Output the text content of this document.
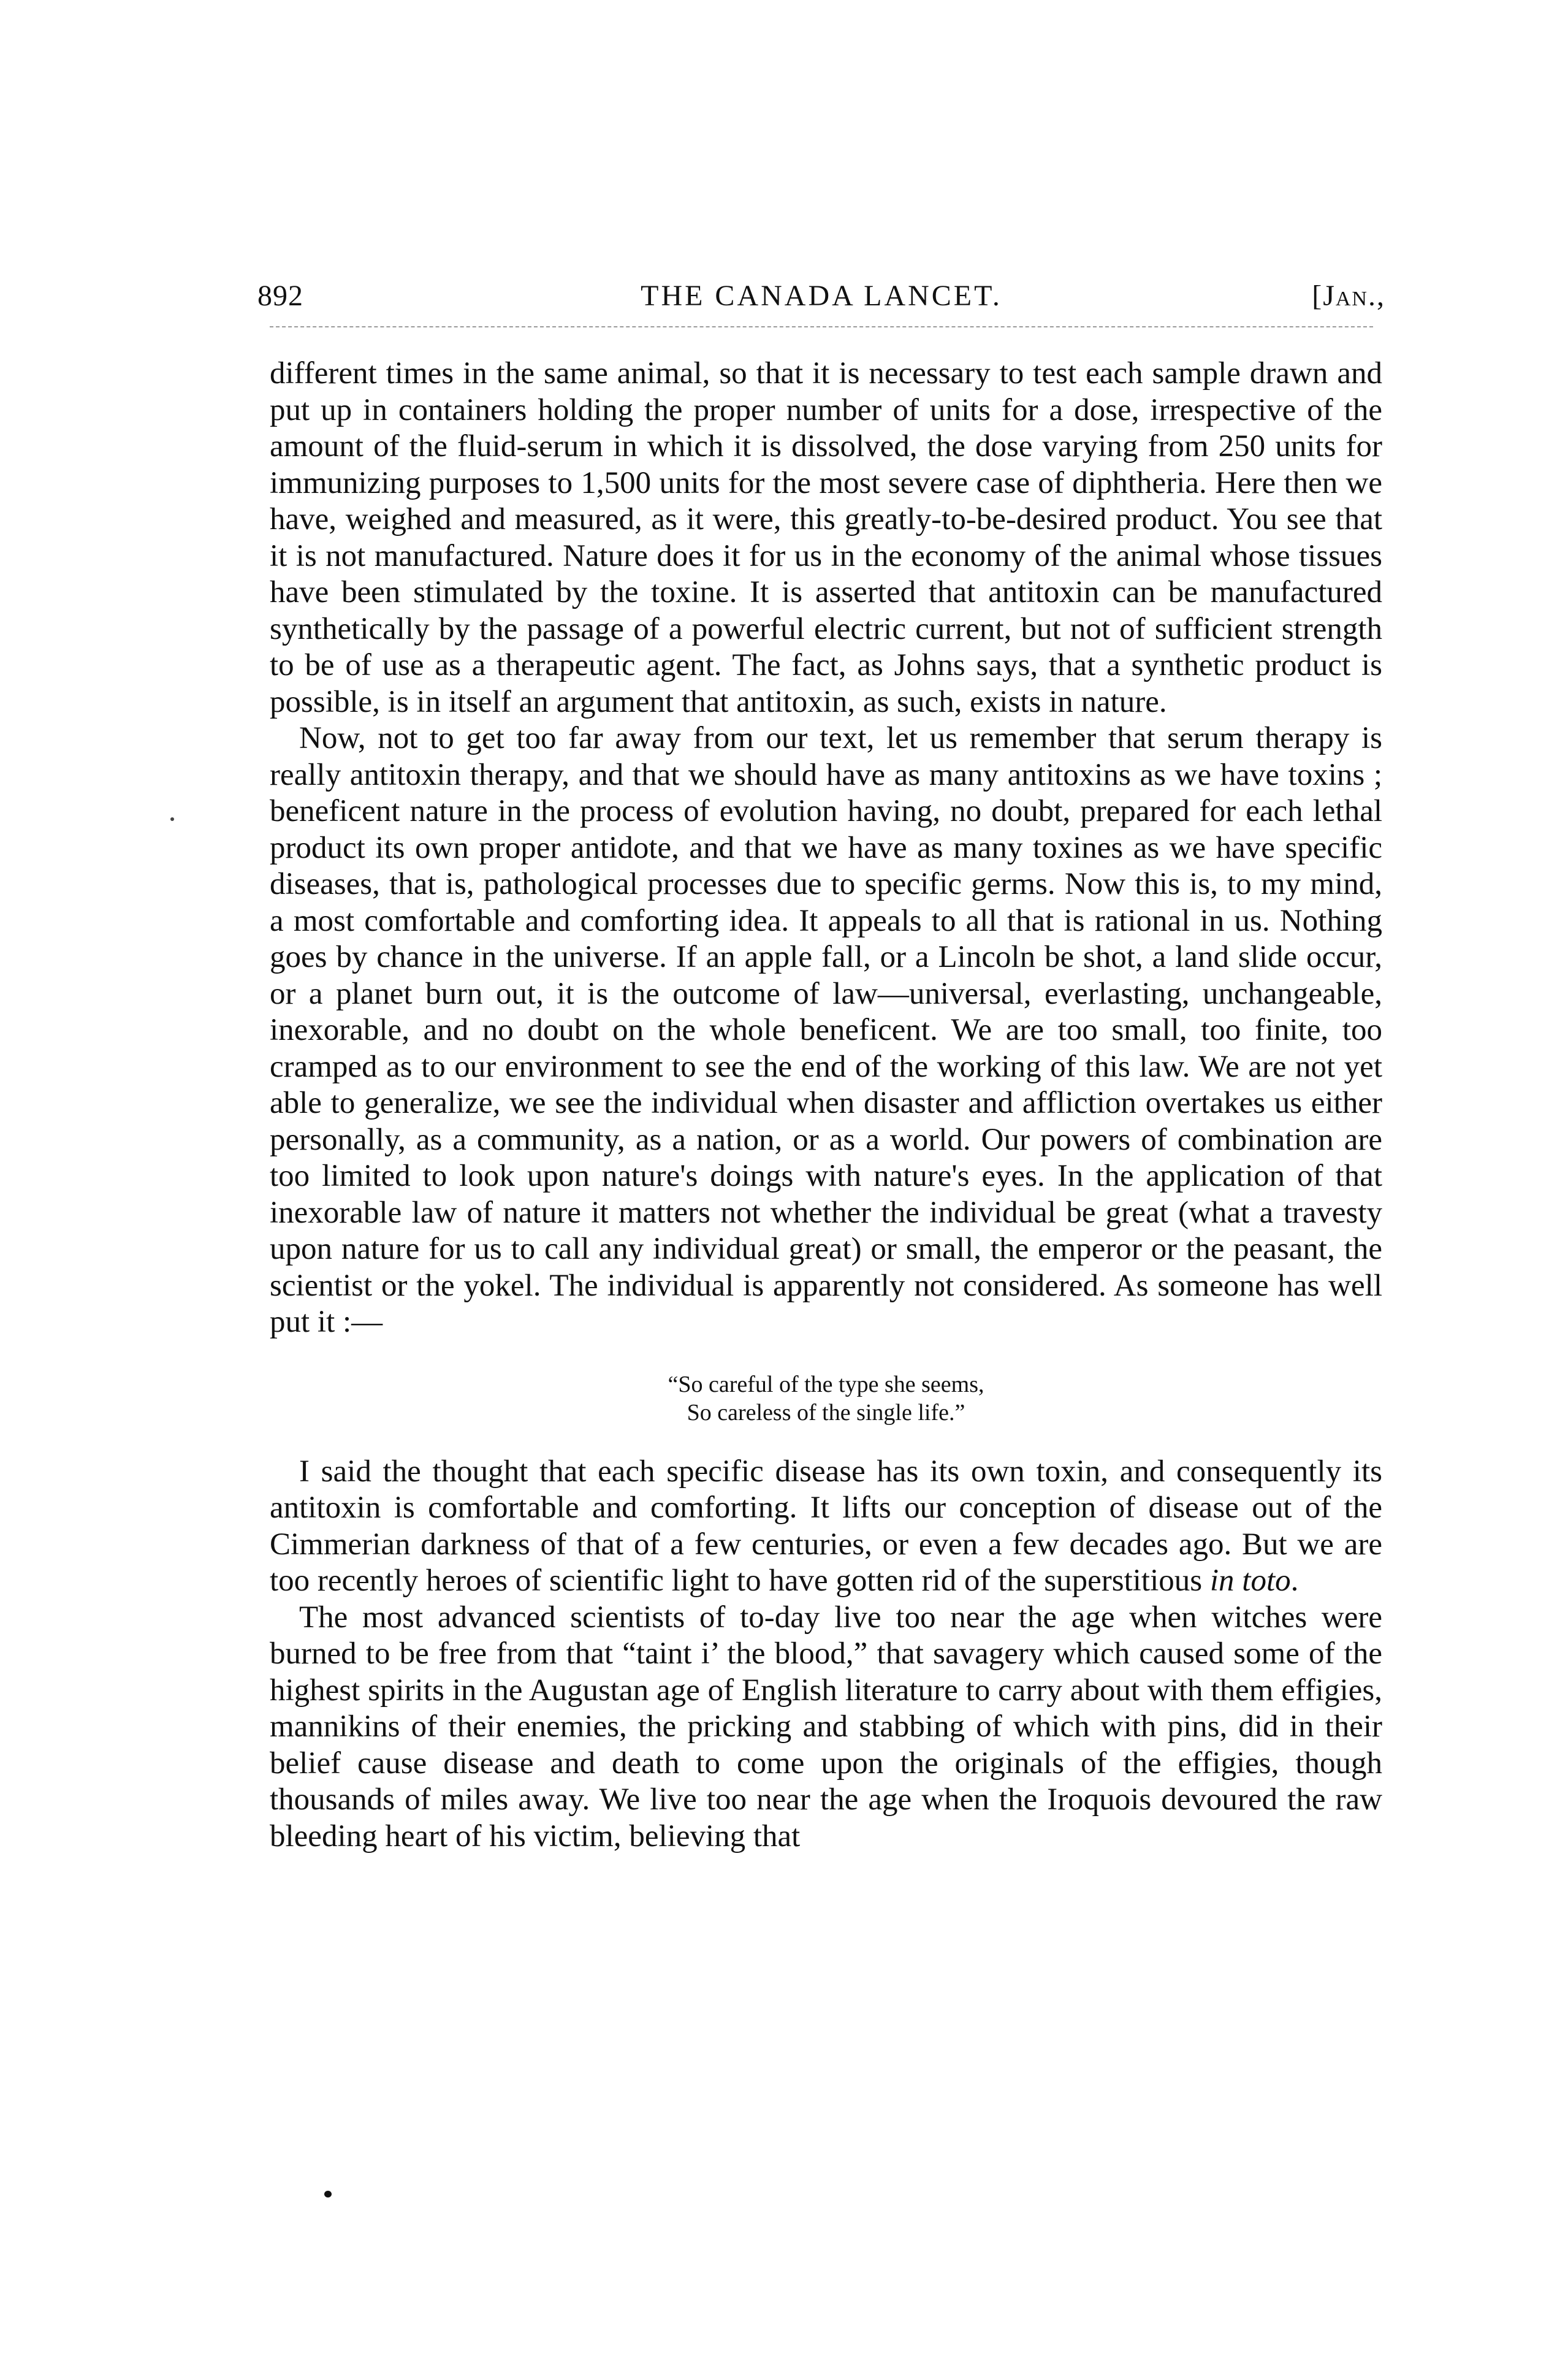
892	THE CANADA LANCET.	[Jan.,

different times in the same animal, so that it is necessary to test each sample drawn and put up in containers holding the proper number of units for a dose, irrespective of the amount of the fluid-serum in which it is dissolved, the dose varying from 250 units for immunizing purposes to 1,500 units for the most severe case of diphtheria. Here then we have, weighed and measured, as it were, this greatly-to-be-desired product. You see that it is not manufactured. Nature does it for us in the economy of the animal whose tissues have been stimulated by the toxine. It is asserted that antitoxin can be manufactured synthetically by the passage of a powerful electric current, but not of sufficient strength to be of use as a therapeutic agent. The fact, as Johns says, that a synthetic product is possible, is in itself an argument that antitoxin, as such, exists in nature.

Now, not to get too far away from our text, let us remember that serum therapy is really antitoxin therapy, and that we should have as many antitoxins as we have toxins ; beneficent nature in the process of evolution having, no doubt, prepared for each lethal product its own proper antidote, and that we have as many toxines as we have specific diseases, that is, pathological processes due to specific germs. Now this is, to my mind, a most comfortable and comforting idea. It appeals to all that is rational in us. Nothing goes by chance in the universe. If an apple fall, or a Lincoln be shot, a land slide occur, or a planet burn out, it is the outcome of law—universal, everlasting, unchangeable, inexorable, and no doubt on the whole beneficent. We are too small, too finite, too cramped as to our environment to see the end of the working of this law. We are not yet able to generalize, we see the individual when disaster and affliction overtakes us either personally, as a community, as a nation, or as a world. Our powers of combination are too limited to look upon nature's doings with nature's eyes. In the application of that inexorable law of nature it matters not whether the individual be great (what a travesty upon nature for us to call any individual great) or small, the emperor or the peasant, the scientist or the yokel. The individual is apparently not considered. As someone has well put it :—

“So careful of the type she seems,

So careless of the single life.”

I said the thought that each specific disease has its own toxin, and consequently its antitoxin is comfortable and comforting. It lifts our conception of disease out of the Cimmerian darkness of that of a few centuries, or even a few decades ago. But we are too recently heroes of scientific light to have gotten rid of the superstitious in toto.

The most advanced scientists of to-day live too near the age when witches were burned to be free from that “taint i’ the blood,” that savagery which caused some of the highest spirits in the Augustan age of English literature to carry about with them effigies, mannikins of their enemies, the pricking and stabbing of which with pins, did in their belief cause disease and death to come upon the originals of the effigies, though thousands of miles away. We live too near the age when the Iroquois devoured the raw bleeding heart of his victim, believing that
